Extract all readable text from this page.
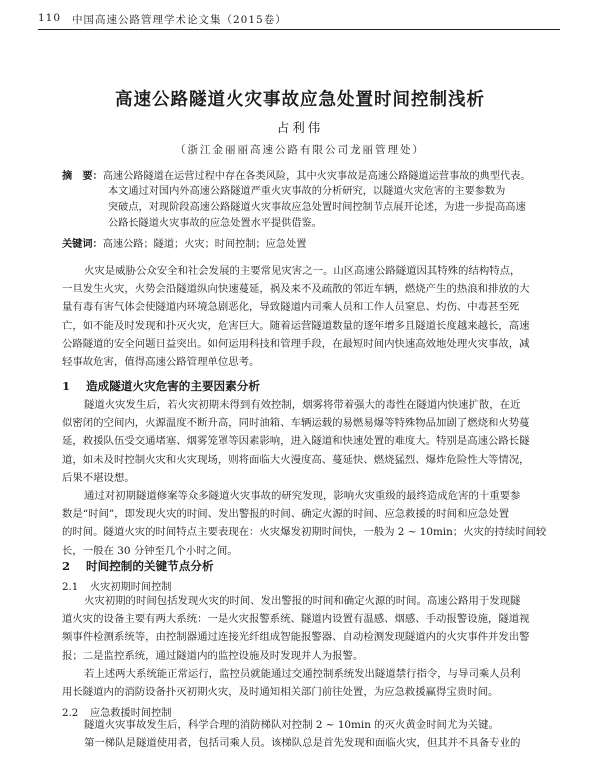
110 中国高速公路管理学术论文集（2015卷）
高速公路隧道火灾事故应急处置时间控制浅析
占利伟
（浙江金丽丽高速公路有限公司龙丽管理处）
摘　要：高速公路隧道在运营过程中存在各类风险，其中火灾事故是高速公路隧道运营事故的典型代表。
本文通过对国内外高速公路隧道严重火灾事故的分析研究，以隧道火灾危害的主要参数为
突破点，对现阶段高速公路隧道火灾事故应急处置时间控制节点展开论述，为进一步提高高速
公路长隧道火灾事故的应急处置水平提供借鉴。
关键词：高速公路；隧道；火灾；时间控制；应急处置
火灾是威胁公众安全和社会发展的主要常见灾害之一。山区高速公路隧道因其特殊的结构特点，
一旦发生火灾，火势会沿隧道纵向快速蔓延，祸及来不及疏散的邻近车辆，燃烧产生的热浪和排放的大
量有毒有害气体会使隧道内环境急剧恶化，导致隧道内司乘人员和工作人员窒息、灼伤、中毒甚至死
亡，如不能及时发现和扑灭火灾，危害巨大。随着运营隧道数量的逐年增多且隧道长度越来越长，高速
公路隧道的安全问题日益突出。如何运用科技和管理手段，在最短时间内快速高效地处理火灾事故，减
轻事故危害，值得高速公路管理单位思考。
1 造成隧道火灾危害的主要因素分析
隧道火灾发生后，若火灾初期未得到有效控制，烟雾将带着强大的毒性在隧道内快速扩散，在近
似密闭的空间内，火源温度不断升高，同时油箱、车辆运载的易燃易爆等特殊物品加剧了燃烧和火势蔓
延，救援队伍受交通堵塞、烟雾笼罩等因素影响，进入隧道和快速处置的难度大。特别是高速公路长隧
道，如未及时控制火灾和火灾现场，则将面临大火漫度高、蔓延快、燃烧猛烈、爆炸危险性大等情况，
后果不堪设想。
通过对初期隧道修案等众多隧道火灾事故的研究发现，影响火灾重级的最终造成危害的十重要参
数是“时间”，即发现火灾的时间、发出警报的时间、确定火源的时间、应急救援的时间和应急处置
的时间。隧道火灾的时间特点主要表现在：火灾爆发初期时间快，一般为 2 ~ 10min；火灾的持续时间较
长，一般在 30 分钟至几个小时之间。
2 时间控制的关键节点分析
2.1 火灾初期时间控制
火灾初期的时间包括发现火灾的时间、发出警报的时间和确定火源的时间。高速公路用于发现隧
道火灾的设备主要有两大系统：一是火灾报警系统、隧道内设置有温感、烟感、手动报警设施，隧道视
频事件检测系统等，由控制器通过连接光纤组成智能报警器、自动检测发现隧道内的火灾事件并发出警
报；二是监控系统，通过隧道内的监控设施及时发现并人为报警。
若上述两大系统能正常运行，监控员就能通过交通控制系统发出隧道禁行指令，与导司乘人员利
用长隧道内的消防设备扑灭初期火灾，及时通知相关部门前往处置，为应急救援赢得宝贵时间。
2.2 应急救援时间控制
隧道火灾事故发生后，科学合理的消防梯队对控制 2 ~ 10min 的灭火黄金时间尤为关键。
第一梯队是隧道使用者，包括司乘人员。该梯队总是首先发现和面临火灾，但其并不具备专业的
